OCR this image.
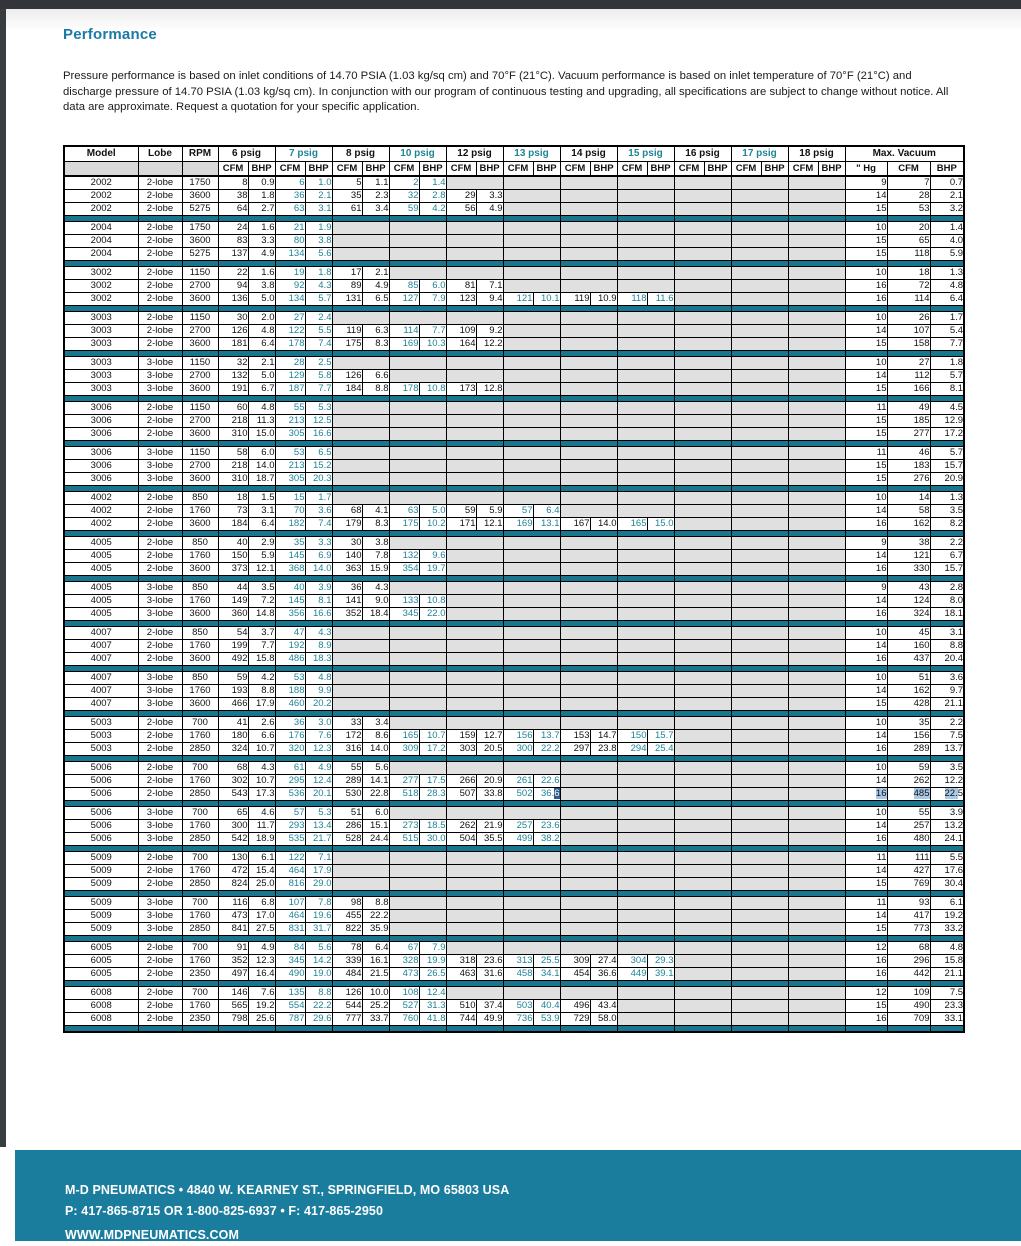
Performance
Pressure performance is based on inlet conditions of 14.70 PSIA (1.03 kg/sq cm) and 70°F (21°C). Vacuum performance is based on inlet temperature of 70°F (21°C) and discharge pressure of 14.70 PSIA (1.03 kg/sq cm). In conjunction with our program of continuous testing and upgrading, all specifications are subject to change without notice. All data are approximate. Request a quotation for your specific application.
Model	Lobe	RPM	6 psig		7 psig		8 psig		10 psig		12 psig		13 psig		14 psig		15 psig		16 psig		17 psig		18 psig		Max. Vacuum		
			CFM	BHP	CFM	BHP	CFM	BHP	CFM	BHP	CFM	BHP	CFM	BHP	CFM	BHP	CFM	BHP	CFM	BHP	CFM	BHP	CFM	BHP	" Hg	CFM	BHP
2002	2-lobe	1750	8	0.9	6	1.0	5	1.1	2	1.4															9	7	0.7
2002	2-lobe	3600	38	1.8	36	2.1	35	2.3	32	2.8	29	3.3													14	28	2.1
2002	2-lobe	5275	64	2.7	63	3.1	61	3.4	59	4.2	56	4.9													15	53	3.2

2004	2-lobe	1750	24	1.6	21	1.9																			10	20	1.4
2004	2-lobe	3600	83	3.3	80	3.8																			15	65	4.0
2004	2-lobe	5275	137	4.9	134	5.6																			15	118	5.9

3002	2-lobe	1150	22	1.6	19	1.8	17	2.1																	10	18	1.3
3002	2-lobe	2700	94	3.8	92	4.3	89	4.9	85	6.0	81	7.1													16	72	4.8
3002	2-lobe	3600	136	5.0	134	5.7	131	6.5	127	7.9	123	9.4	121	10.1	119	10.9	118	11.6							16	114	6.4

3003	2-lobe	1150	30	2.0	27	2.4																			10	26	1.7
3003	2-lobe	2700	126	4.8	122	5.5	119	6.3	114	7.7	109	9.2													14	107	5.4
3003	2-lobe	3600	181	6.4	178	7.4	175	8.3	169	10.3	164	12.2													15	158	7.7

3003	3-lobe	1150	32	2.1	28	2.5																			10	27	1.8
3003	3-lobe	2700	132	5.0	129	5.8	126	6.6																	14	112	5.7
3003	3-lobe	3600	191	6.7	187	7.7	184	8.8	178	10.8	173	12.8													15	166	8.1

3006	2-lobe	1150	60	4.8	55	5.3																			11	49	4.5
3006	2-lobe	2700	218	11.3	213	12.5																			15	185	12.9
3006	2-lobe	3600	310	15.0	305	16.6																			15	277	17.2

3006	3-lobe	1150	58	6.0	53	6.5																			11	46	5.7
3006	3-lobe	2700	218	14.0	213	15.2																			15	183	15.7
3006	3-lobe	3600	310	18.7	305	20.3																			15	276	20.9

4002	2-lobe	850	18	1.5	15	1.7																			10	14	1.3
4002	2-lobe	1760	73	3.1	70	3.6	68	4.1	63	5.0	59	5.9	57	6.4											14	58	3.5
4002	2-lobe	3600	184	6.4	182	7.4	179	8.3	175	10.2	171	12.1	169	13.1	167	14.0	165	15.0							16	162	8.2

4005	2-lobe	850	40	2.9	35	3.3	30	3.8																	9	38	2.2
4005	2-lobe	1760	150	5.9	145	6.9	140	7.8	132	9.6															14	121	6.7
4005	2-lobe	3600	373	12.1	368	14.0	363	15.9	354	19.7															16	330	15.7

4005	3-lobe	850	44	3.5	40	3.9	36	4.3																	9	43	2.8
4005	3-lobe	1760	149	7.2	145	8.1	141	9.0	133	10.8															14	124	8.0
4005	3-lobe	3600	360	14.8	356	16.6	352	18.4	345	22.0															16	324	18.1

4007	2-lobe	850	54	3.7	47	4.3																			10	45	3.1
4007	2-lobe	1760	199	7.7	192	8.9																			14	160	8.8
4007	2-lobe	3600	492	15.8	486	18.3																			16	437	20.4

4007	3-lobe	850	59	4.2	53	4.8																			10	51	3.6
4007	3-lobe	1760	193	8.8	188	9.9																			14	162	9.7
4007	3-lobe	3600	466	17.9	460	20.2																			15	428	21.1

5003	2-lobe	700	41	2.6	36	3.0	33	3.4																	10	35	2.2
5003	2-lobe	1760	180	6.6	176	7.6	172	8.6	165	10.7	159	12.7	156	13.7	153	14.7	150	15.7							14	156	7.5
5003	2-lobe	2850	324	10.7	320	12.3	316	14.0	309	17.2	303	20.5	300	22.2	297	23.8	294	25.4							16	289	13.7

5006	2-lobe	700	68	4.3	61	4.9	55	5.6																	10	59	3.5
5006	2-lobe	1760	302	10.7	295	12.4	289	14.1	277	17.5	266	20.9	261	22.6											14	262	12.2
5006	2-lobe	2850	543	17.3	536	20.1	530	22.8	518	28.3	507	33.8	502	36.6											16	485	22.5

5006	3-lobe	700	65	4.6	57	5.3	51	6.0																	10	55	3.9
5006	3-lobe	1760	300	11.7	293	13.4	286	15.1	273	18.5	262	21.9	257	23.6											14	257	13.2
5006	3-lobe	2850	542	18.9	535	21.7	528	24.4	515	30.0	504	35.5	499	38.2											16	480	24.1

5009	2-lobe	700	130	6.1	122	7.1																			11	111	5.5
5009	2-lobe	1760	472	15.4	464	17.9																			14	427	17.6
5009	2-lobe	2850	824	25.0	816	29.0																			15	769	30.4

5009	3-lobe	700	116	6.8	107	7.8	98	8.8																	11	93	6.1
5009	3-lobe	1760	473	17.0	464	19.6	455	22.2																	14	417	19.2
5009	3-lobe	2850	841	27.5	831	31.7	822	35.9																	15	773	33.2

6005	2-lobe	700	91	4.9	84	5.6	78	6.4	67	7.9															12	68	4.8
6005	2-lobe	1760	352	12.3	345	14.2	339	16.1	328	19.9	318	23.6	313	25.5	309	27.4	304	29.3							16	296	15.8
6005	2-lobe	2350	497	16.4	490	19.0	484	21.5	473	26.5	463	31.6	458	34.1	454	36.6	449	39.1							16	442	21.1

6008	2-lobe	700	146	7.6	135	8.8	126	10.0	108	12.4															12	109	7.5
6008	2-lobe	1760	565	19.2	554	22.2	544	25.2	527	31.3	510	37.4	503	40.4	496	43.4									15	490	23.3
6008	2-lobe	2350	798	25.6	787	29.6	777	33.7	760	41.8	744	49.9	736	53.9	729	58.0									16	709	33.1

M-D PNEUMATICS • 4840 W. KEARNEY ST., SPRINGFIELD, MO 65803 USA
P: 417-865-8715 OR 1-800-825-6937 • F: 417-865-2950
WWW.MDPNEUMATICS.COM
